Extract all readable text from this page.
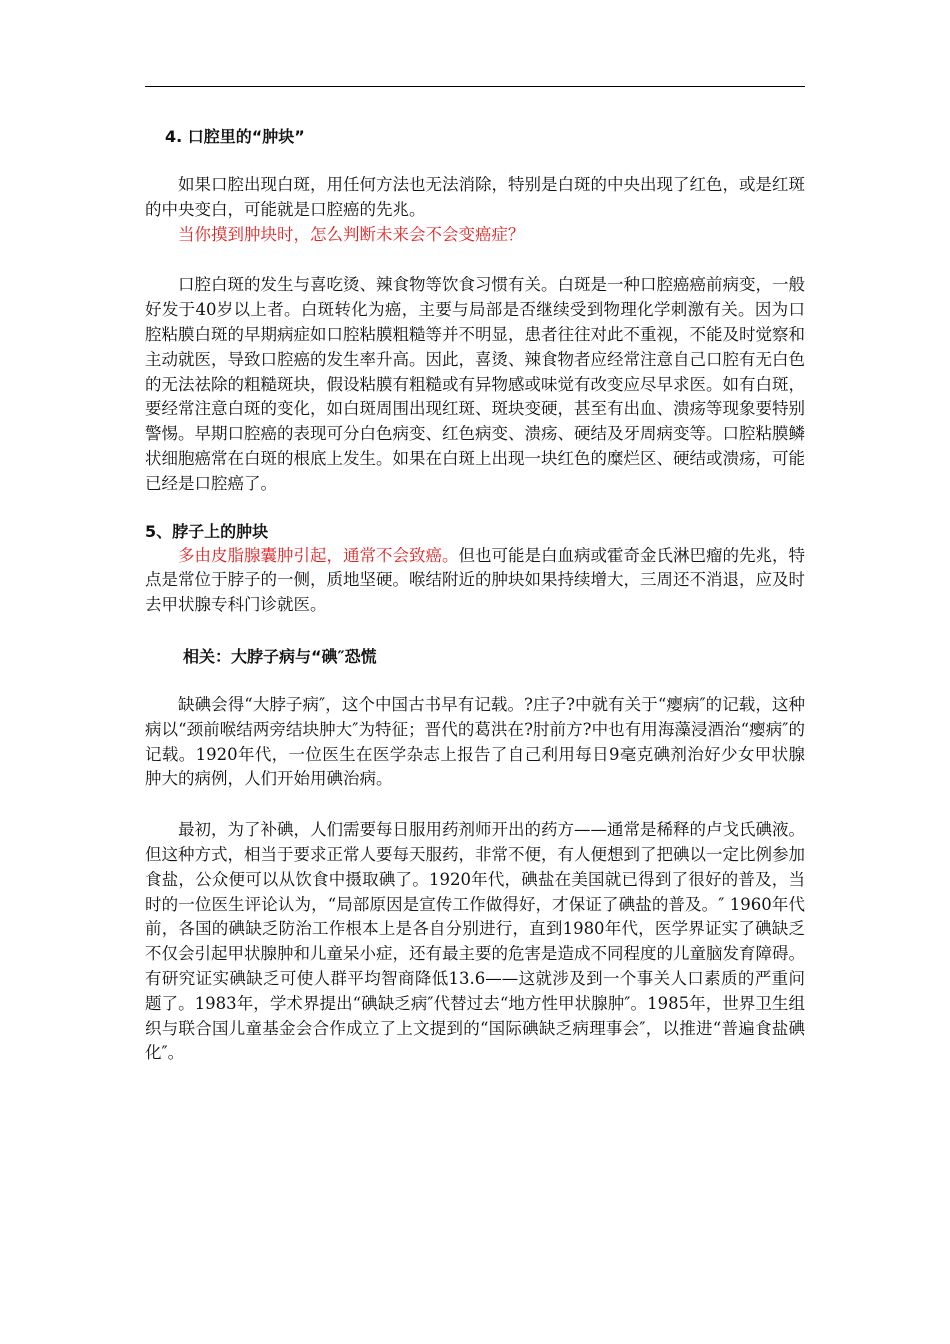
4. 口腔里的“肿块”

如果口腔出现白斑，用任何方法也无法消除，特别是白斑的中央出现了红色，或是红斑的中央变白，可能就是口腔癌的先兆。

当你摸到肿块时，怎么判断未来会不会变癌症？

口腔白斑的发生与喜吃烫、辣食物等饮食习惯有关。白斑是一种口腔癌癌前病变，一般好发于40岁以上者。白斑转化为癌，主要与局部是否继续受到物理化学刺激有关。因为口腔粘膜白斑的早期病症如口腔粘膜粗糙等并不明显，患者往往对此不重视，不能及时觉察和主动就医，导致口腔癌的发生率升高。因此，喜烫、辣食物者应经常注意自己口腔有无白色的无法祛除的粗糙斑块，假设粘膜有粗糙或有异物感或味觉有改变应尽早求医。如有白斑，要经常注意白斑的变化，如白斑周围出现红斑、斑块变硬，甚至有出血、溃疡等现象要特别警惕。早期口腔癌的表现可分白色病变、红色病变、溃疡、硬结及牙周病变等。口腔粘膜鳞状细胞癌常在白斑的根底上发生。如果在白斑上出现一块红色的糜烂区、硬结或溃疡，可能已经是口腔癌了。

5、脖子上的肿块

多由皮脂腺囊肿引起，通常不会致癌。但也可能是白血病或霍奇金氏淋巴瘤的先兆，特点是常位于脖子的一侧，质地坚硬。喉结附近的肿块如果持续增大，三周还不消退，应及时去甲状腺专科门诊就医。

相关：大脖子病与“碘″恐慌

缺碘会得“大脖子病″，这个中国古书早有记载。?庄子?中就有关于“瘿病″的记载，这种病以“颈前喉结两旁结块肿大″为特征；晋代的葛洪在?肘前方?中也有用海藻浸酒治“瘿病″的记载。1920年代，一位医生在医学杂志上报告了自己利用每日9毫克碘剂治好少女甲状腺肿大的病例，人们开始用碘治病。

最初，为了补碘，人们需要每日服用药剂师开出的药方——通常是稀释的卢戈氏碘液。但这种方式，相当于要求正常人要每天服药，非常不便，有人便想到了把碘以一定比例参加食盐，公众便可以从饮食中摄取碘了。1920年代，碘盐在美国就已得到了很好的普及，当时的一位医生评论认为，“局部原因是宣传工作做得好，才保证了碘盐的普及。″ 1960年代前，各国的碘缺乏防治工作根本上是各自分别进行，直到1980年代，医学界证实了碘缺乏不仅会引起甲状腺肿和儿童呆小症，还有最主要的危害是造成不同程度的儿童脑发育障碍。有研究证实碘缺乏可使人群平均智商降低13.6——这就涉及到一个事关人口素质的严重问题了。1983年，学术界提出“碘缺乏病″代替过去“地方性甲状腺肿″。1985年，世界卫生组织与联合国儿童基金会合作成立了上文提到的“国际碘缺乏病理事会″，以推进“普遍食盐碘化″。
